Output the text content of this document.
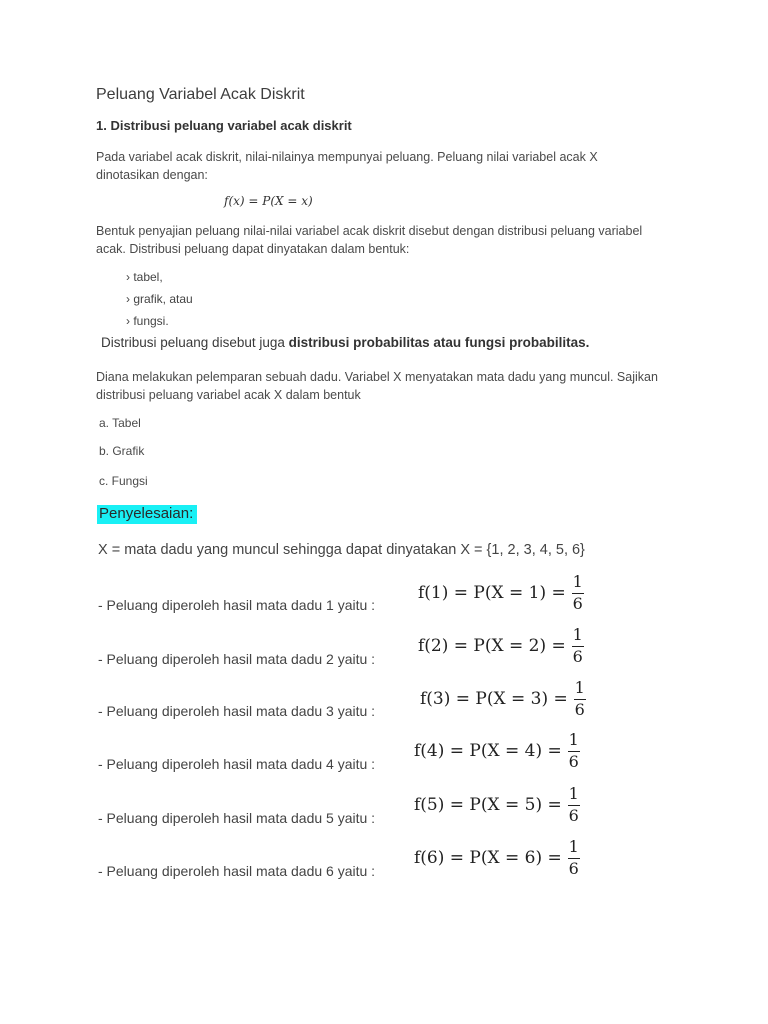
Peluang Variabel Acak Diskrit
1. Distribusi peluang variabel acak diskrit
Pada variabel acak diskrit, nilai-nilainya mempunyai peluang. Peluang nilai variabel acak X
dinotasikan dengan:
f(x) = P(X = x)
Bentuk penyajian peluang nilai-nilai variabel acak diskrit disebut dengan distribusi peluang variabel
acak. Distribusi peluang dapat dinyatakan dalam bentuk:
› tabel,
› grafik, atau
› fungsi.
Distribusi peluang disebut juga distribusi probabilitas atau fungsi probabilitas.
Diana melakukan pelemparan sebuah dadu. Variabel X menyatakan mata dadu yang muncul. Sajikan
distribusi peluang variabel acak X dalam bentuk
a. Tabel
b. Grafik
c. Fungsi
Penyelesaian:
X = mata dadu yang muncul sehingga dapat dinyatakan X = {1, 2, 3, 4, 5, 6}
- Peluang diperoleh hasil mata dadu 1 yaitu :
$f(1) = P(X = 1) = \frac{1}{6}$
- Peluang diperoleh hasil mata dadu 2 yaitu :
$f(2) = P(X = 2) = \frac{1}{6}$
- Peluang diperoleh hasil mata dadu 3 yaitu :
$f(3) = P(X = 3) = \frac{1}{6}$
- Peluang diperoleh hasil mata dadu 4 yaitu :
$f(4) = P(X = 4) = \frac{1}{6}$
- Peluang diperoleh hasil mata dadu 5 yaitu :
$f(5) = P(X = 5) = \frac{1}{6}$
- Peluang diperoleh hasil mata dadu 6 yaitu :
$f(6) = P(X = 6) = \frac{1}{6}$
